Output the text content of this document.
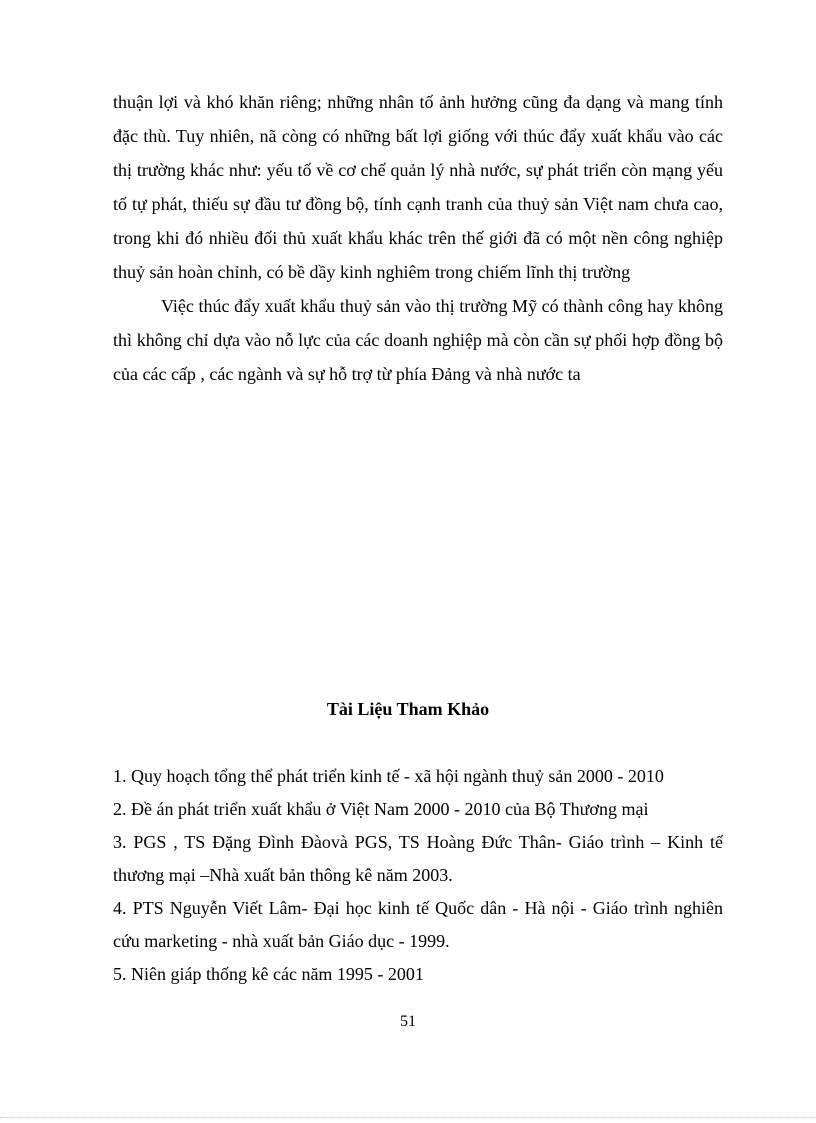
thuận lợi và khó khăn riêng; những nhân tố ảnh hưởng cũng đa dạng và mang tính đặc thù. Tuy nhiên, nã còng có những bất lợi giống với thúc đẩy xuất khẩu vào các thị trường khác như: yếu tố về cơ chế quản lý nhà nước, sự phát triển còn mạng yếu tố tự phát, thiếu sự đầu tư đồng bộ, tính cạnh tranh của thuỷ sản Việt nam chưa cao, trong khi đó nhiều đối thủ xuất khẩu khác trên thế giới đã có một nền công nghiệp thuỷ sản hoàn chỉnh, có bề dầy kinh nghiêm trong chiếm lĩnh thị trường

Việc thúc đẩy xuất khẩu thuỷ sản vào thị trường Mỹ có thành công hay không thì không chỉ dựa vào nỗ lực của các doanh nghiệp mà còn cần sự phối hợp đồng bộ của các cấp , các ngành và sự hỗ trợ từ phía Đảng và nhà nước ta

Tài Liệu Tham Khảo

1. Quy hoạch tổng thể phát triển kinh tế - xã hội ngành thuỷ sản 2000 - 2010

2. Đề án phát triển xuất khẩu ở Việt Nam 2000 - 2010 của Bộ Thương mại

3. PGS , TS Đặng Đình Đàovà PGS, TS Hoàng Đức Thân- Giáo trình – Kinh tế thương mại –Nhà xuất bản thông kê năm 2003.

4. PTS Nguyễn Viết Lâm- Đại học kinh tế Quốc dân - Hà nội - Giáo trình nghiên cứu marketing - nhà xuất bản Giáo dục - 1999.

5. Niên giáp thống kê các năm 1995 - 2001

51
